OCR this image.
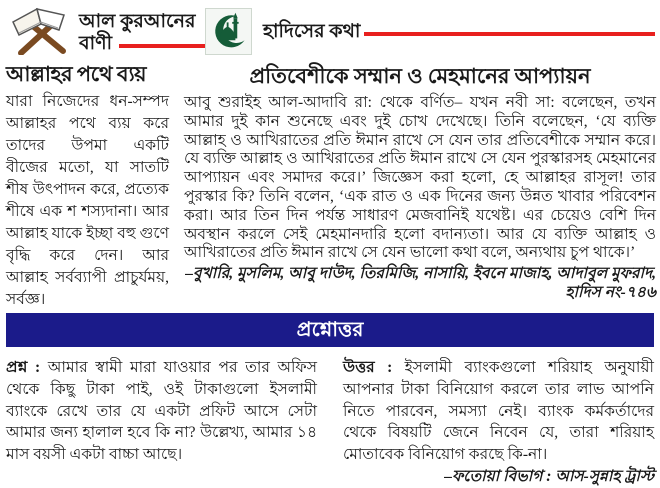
আল কুরআনের
বাণী
হাদিসের কথা
আল্লাহর পথে ব্যয়
যারা নিজেদের ধন-সম্পদ আল্লাহর পথে ব্যয় করে তাদের উপমা একটি বীজের মতো, যা সাতটি শীষ উৎপাদন করে, প্রত্যেক শীষে এক শ শস্যদানা। আর আল্লাহ যাকে ইচ্ছা বহু গুণে বৃদ্ধি করে দেন। আর আল্লাহ সর্বব্যাপী প্রাচুর্যময়, সর্বজ্ঞ।
প্রতিবেশীকে সম্মান ও মেহমানের আপ্যায়ন
আবু শুরাইহ আল-আদাবি রা: থেকে বর্ণিত– যখন নবী সা: বলেছেন, তখন আমার দুই কান শুনেছে এবং দুই চোখ দেখেছে। তিনি বলেছেন, ‘যে ব্যক্তি আল্লাহ ও আখিরাতের প্রতি ঈমান রাখে সে যেন তার প্রতিবেশীকে সম্মান করে। যে ব্যক্তি আল্লাহ ও আখিরাতের প্রতি ঈমান রাখে সে যেন পুরস্কারসহ মেহমানের আপ্যায়ন এবং সমাদর করে।’ জিজ্ঞেস করা হলো, হে আল্লাহর রাসূল! তার পুরস্কার কি? তিনি বলেন, ‘এক রাত ও এক দিনের জন্য উন্নত খাবার পরিবেশন করা। আর তিন দিন পর্যন্ত সাধারণ মেজবানিই যথেষ্ট। এর চেয়েও বেশি দিন অবস্থান করলে সেই মেহমানদারি হলো বদান্যতা। আর যে ব্যক্তি আল্লাহ ও আখিরাতের প্রতি ঈমান রাখে সে যেন ভালো কথা বলে, অন্যথায় চুপ থাকে।’
–বুখারি, মুসলিম, আবু দাউদ, তিরমিজি, নাসায়ি, ইবনে মাজাহ, আদাবুল মুফরাদ, হাদিস নং-৭৪৬
প্রশ্নোত্তর

প্রশ্ন : আমার স্বামী মারা যাওয়ার পর তার অফিস থেকে কিছু টাকা পাই, ওই টাকাগুলো ইসলামী ব্যাংকে রেখে তার যে একটা প্রফিট আসে সেটা আমার জন্য হালাল হবে কি না? উল্লেখ্য, আমার ১৪ মাস বয়সী একটা বাচ্চা আছে।

উত্তর : ইসলামী ব্যাংকগুলো শরিয়াহ অনুযায়ী আপনার টাকা বিনিয়োগ করলে তার লাভ আপনি নিতে পারবেন, সমস্যা নেই। ব্যাংক কর্মকর্তাদের থেকে বিষয়টি জেনে নিবেন যে, তারা শরিয়াহ মোতাবেক বিনিয়োগ করছে কি-না।
–ফতোয়া বিভাগ : আস-সুন্নাহ ট্রাস্ট
